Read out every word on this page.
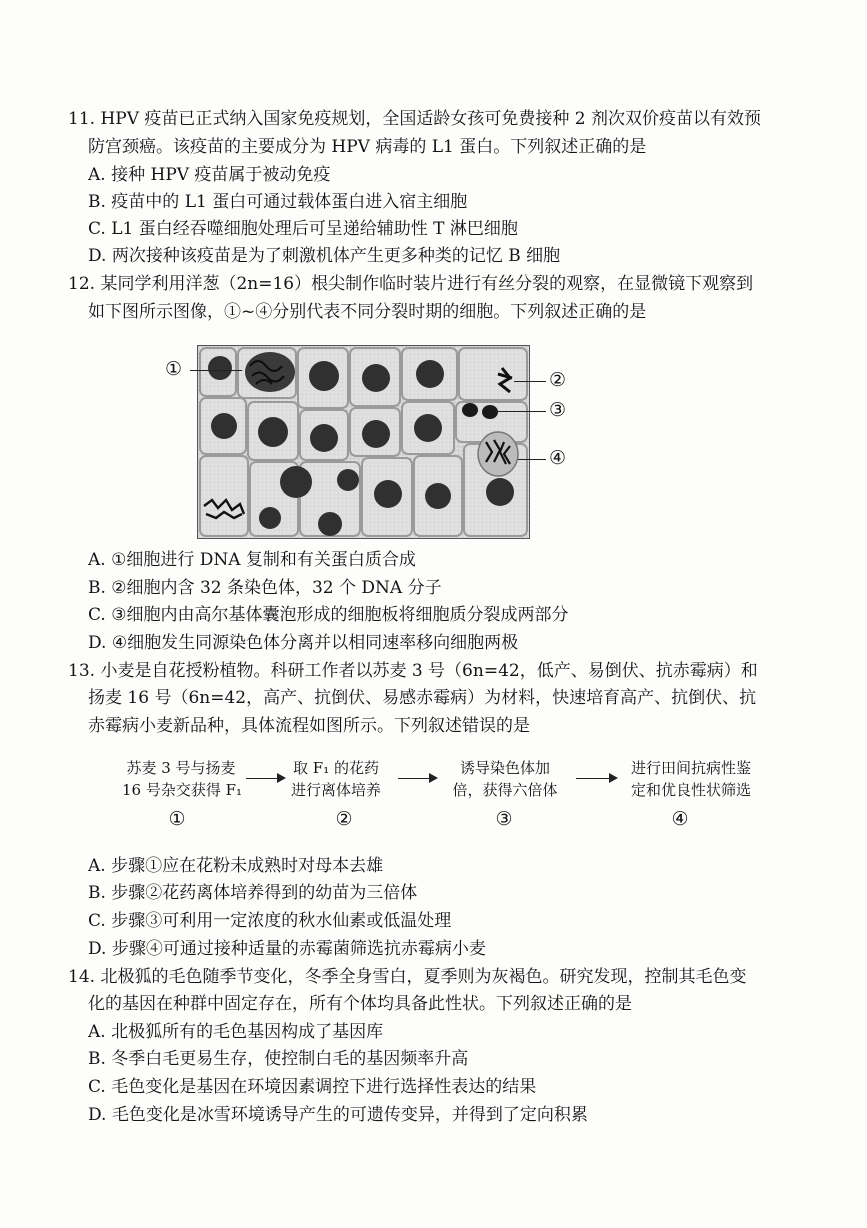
11. HPV 疫苗已正式纳入国家免疫规划，全国适龄女孩可免费接种 2 剂次双价疫苗以有效预
防宫颈癌。该疫苗的主要成分为 HPV 病毒的 L1 蛋白。下列叙述正确的是
A. 接种 HPV 疫苗属于被动免疫
B. 疫苗中的 L1 蛋白可通过载体蛋白进入宿主细胞
C. L1 蛋白经吞噬细胞处理后可呈递给辅助性 T 淋巴细胞
D. 两次接种该疫苗是为了刺激机体产生更多种类的记忆 B 细胞
12. 某同学利用洋葱（2n=16）根尖制作临时装片进行有丝分裂的观察，在显微镜下观察到
如下图所示图像，①~④分别代表不同分裂时期的细胞。下列叙述正确的是
①	②
③
④
A. ①细胞进行 DNA 复制和有关蛋白质合成
B. ②细胞内含 32 条染色体，32 个 DNA 分子
C. ③细胞内由高尔基体囊泡形成的细胞板将细胞质分裂成两部分
D. ④细胞发生同源染色体分离并以相同速率移向细胞两极
13. 小麦是自花授粉植物。科研工作者以苏麦 3 号（6n=42，低产、易倒伏、抗赤霉病）和
扬麦 16 号（6n=42，高产、抗倒伏、易感赤霉病）为材料，快速培育高产、抗倒伏、抗
赤霉病小麦新品种，具体流程如图所示。下列叙述错误的是
苏麦 3 号与扬麦
16 号杂交获得 F₁
取 F₁ 的花药
进行离体培养
诱导染色体加
倍，获得六倍体
进行田间抗病性鉴
定和优良性状筛选
①	②	③	④
A. 步骤①应在花粉未成熟时对母本去雄
B. 步骤②花药离体培养得到的幼苗为三倍体
C. 步骤③可利用一定浓度的秋水仙素或低温处理
D. 步骤④可通过接种适量的赤霉菌筛选抗赤霉病小麦
14. 北极狐的毛色随季节变化，冬季全身雪白，夏季则为灰褐色。研究发现，控制其毛色变
化的基因在种群中固定存在，所有个体均具备此性状。下列叙述正确的是
A. 北极狐所有的毛色基因构成了基因库
B. 冬季白毛更易生存，使控制白毛的基因频率升高
C. 毛色变化是基因在环境因素调控下进行选择性表达的结果
D. 毛色变化是冰雪环境诱导产生的可遗传变异，并得到了定向积累
